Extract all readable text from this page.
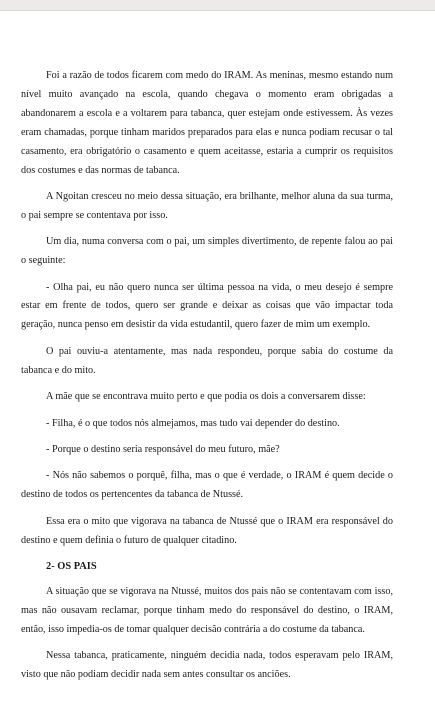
Foi a razão de todos ficarem com medo do IRAM. As meninas, mesmo estando num nível muito avançado na escola, quando chegava o momento eram obrigadas a abandonarem a escola e a voltarem para tabanca, quer estejam onde estivessem. Às vezes eram chamadas, porque tinham maridos preparados para elas e nunca podiam recusar o tal casamento, era obrigatório o casamento e quem aceitasse, estaria a cumprir os requisitos dos costumes e das normas de tabanca.

A Ngoitan cresceu no meio dessa situação, era brilhante, melhor aluna da sua turma, o pai sempre se contentava por isso.

Um dia, numa conversa com o pai, um simples divertimento, de repente falou ao pai o seguinte:

- Olha pai, eu não quero nunca ser última pessoa na vida, o meu desejo é sempre estar em frente de todos, quero ser grande e deixar as coisas que vão impactar toda geração, nunca penso em desistir da vida estudantil, quero fazer de mim um exemplo.

O pai ouviu-a atentamente, mas nada respondeu, porque sabia do costume da tabanca e do mito.

A mãe que se encontrava muito perto e que podia os dois a conversarem disse:

- Filha, é o que todos nós almejamos, mas tudo vai depender do destino.

- Porque o destino seria responsável do meu futuro, mãe?

- Nós não sabemos o porquê, filha, mas o que é verdade, o IRAM é quem decide o destino de todos os pertencentes da tabanca de Ntussé.

Essa era o mito que vigorava na tabanca de Ntussé que o IRAM era responsável do destino e quem definia o futuro de qualquer citadino.

2- OS PAIS

A situação que se vigorava na Ntussé, muitos dos pais não se contentavam com isso, mas não ousavam reclamar, porque tinham medo do responsável do destino, o IRAM, então, isso impedia-os de tomar qualquer decisão contrária a do costume da tabanca.

Nessa tabanca, praticamente, ninguém decidia nada, todos esperavam pelo IRAM, visto que não podiam decidir nada sem antes consultar os anciões.
